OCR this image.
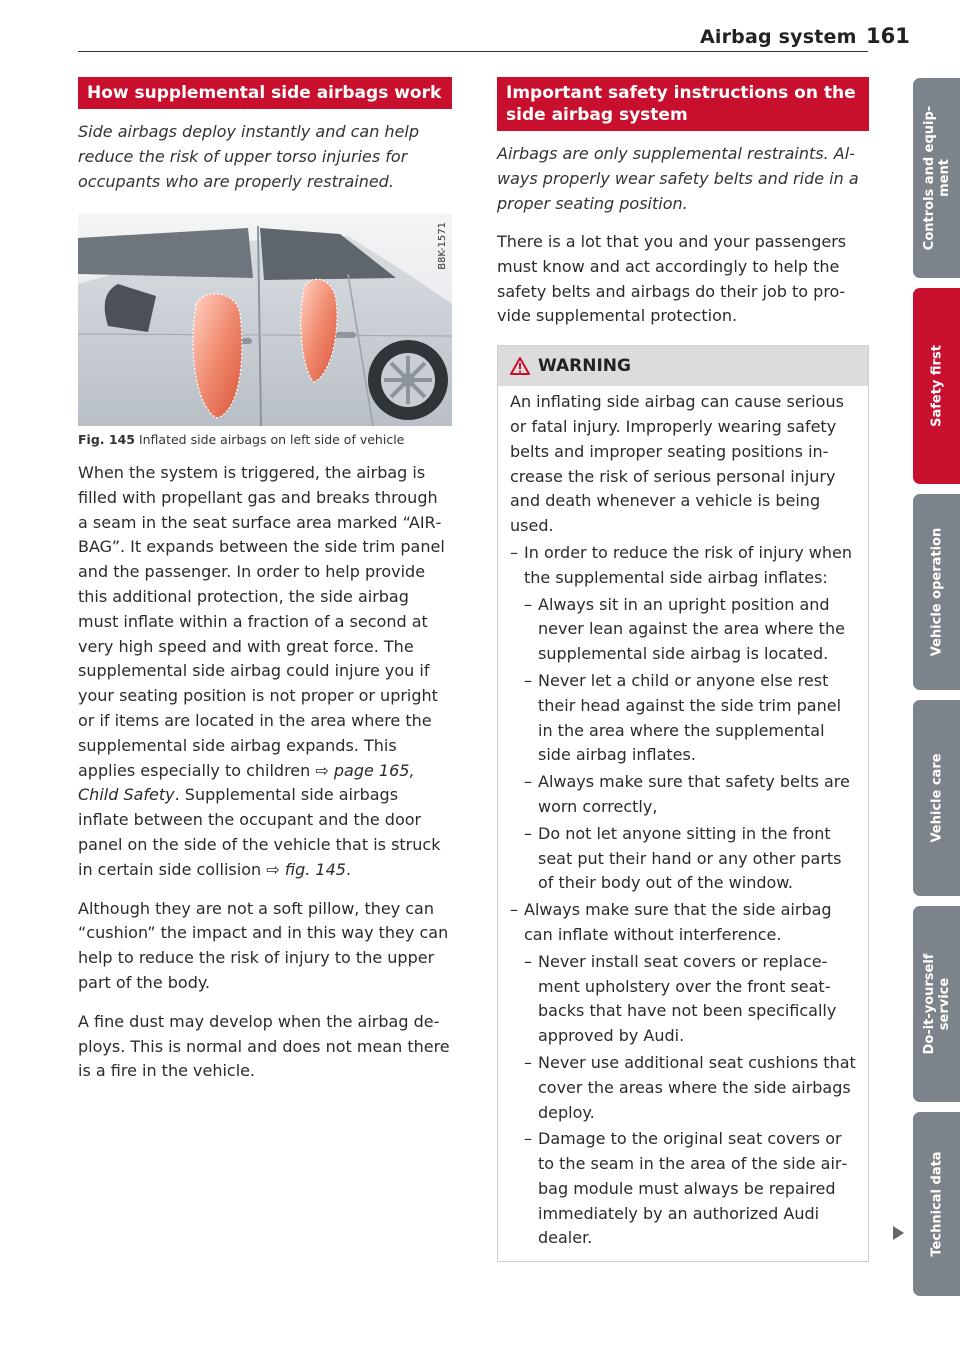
Airbag system 161
How supplemental side airbags work
Side airbags deploy instantly and can help reduce the risk of upper torso injuries for occupants who are properly restrained.
B8K-1571
Fig. 145 Inflated side airbags on left side of vehicle

When the system is triggered, the airbag is filled with propellant gas and breaks through a seam in the seat surface area marked “AIRBAG”. It expands between the side trim panel and the passenger. In order to help provide this additional protection, the side airbag must inflate within a fraction of a second at very high speed and with great force. The supplemental side airbag could injure you if your seating position is not proper or upright or if items are located in the area where the supplemental side airbag expands. This applies especially to children ⇨ page 165, Child Safety. Supplemental side airbags inflate between the occupant and the door panel on the side of the vehicle that is struck in certain side collision ⇨ fig. 145.

Although they are not a soft pillow, they can “cushion” the impact and in this way they can help to reduce the risk of injury to the upper part of the body.

A fine dust may develop when the airbag deploys. This is normal and does not mean there is a fire in the vehicle.

Important safety instructions on the side airbag system
Airbags are only supplemental restraints. Always properly wear safety belts and ride in a proper seating position.

There is a lot that you and your passengers must know and act accordingly to help the safety belts and airbags do their job to provide supplemental protection.

WARNING

An inflating side airbag can cause serious or fatal injury. Improperly wearing safety belts and improper seating positions increase the risk of serious personal injury and death whenever a vehicle is being used.

– In order to reduce the risk of injury when the supplemental side airbag inflates:
– Always sit in an upright position and never lean against the area where the supplemental side airbag is located.
– Never let a child or anyone else rest their head against the side trim panel in the area where the supplemental side airbag inflates.
– Always make sure that safety belts are worn correctly,
– Do not let anyone sitting in the front seat put their hand or any other parts of their body out of the window.
– Always make sure that the side airbag can inflate without interference.
– Never install seat covers or replacement upholstery over the front seatbacks that have not been specifically approved by Audi.
– Never use additional seat cushions that cover the areas where the side airbags deploy.
– Damage to the original seat covers or to the seam in the area of the side airbag module must always be repaired immediately by an authorized Audi dealer.
Controls and equip-
ment
Safety first
Vehicle operation
Vehicle care
Do-it-yourself
service
Technical data
